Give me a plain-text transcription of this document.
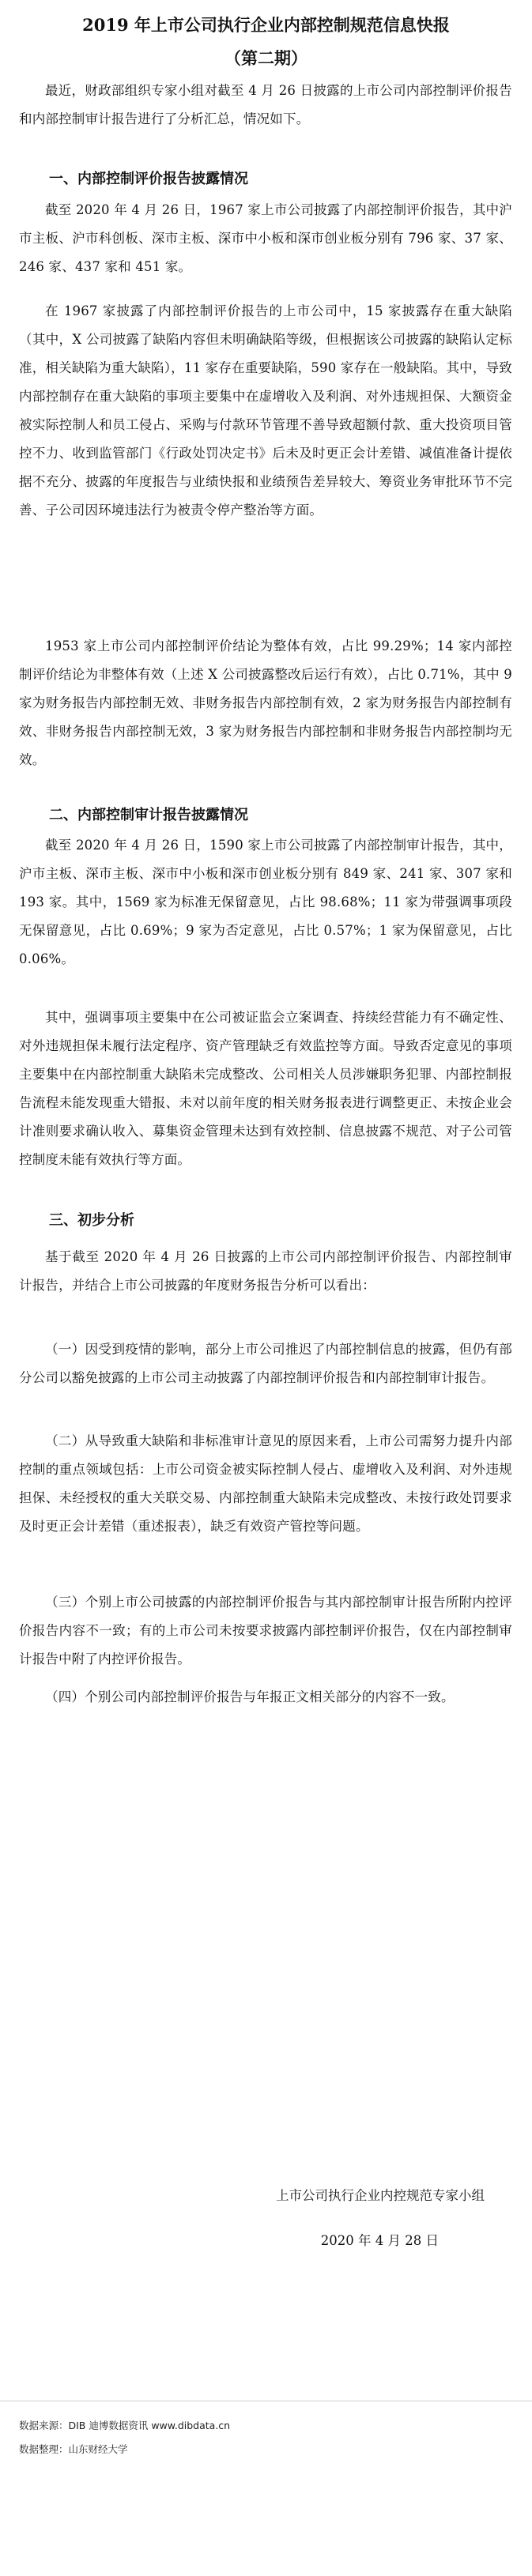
2019 年上市公司执行企业内部控制规范信息快报
（第二期）

最近，财政部组织专家小组对截至 4 月 26 日披露的上市公司内部控制评价报告和内部控制审计报告进行了分析汇总，情况如下。

一、内部控制评价报告披露情况

截至 2020 年 4 月 26 日，1967 家上市公司披露了内部控制评价报告，其中沪市主板、沪市科创板、深市主板、深市中小板和深市创业板分别有 796 家、37 家、246 家、437 家和 451 家。

在 1967 家披露了内部控制评价报告的上市公司中，15 家披露存在重大缺陷（其中，X 公司披露了缺陷内容但未明确缺陷等级，但根据该公司披露的缺陷认定标准，相关缺陷为重大缺陷），11 家存在重要缺陷，590 家存在一般缺陷。其中，导致内部控制存在重大缺陷的事项主要集中在虚增收入及利润、对外违规担保、大额资金被实际控制人和员工侵占、采购与付款环节管理不善导致超额付款、重大投资项目管控不力、收到监管部门《行政处罚决定书》后未及时更正会计差错、减值准备计提依据不充分、披露的年度报告与业绩快报和业绩预告差异较大、筹资业务审批环节不完善、子公司因环境违法行为被责令停产整治等方面。

1953 家上市公司内部控制评价结论为整体有效，占比 99.29%；14 家内部控制评价结论为非整体有效（上述 X 公司披露整改后运行有效），占比 0.71%，其中 9 家为财务报告内部控制无效、非财务报告内部控制有效，2 家为财务报告内部控制有效、非财务报告内部控制无效，3 家为财务报告内部控制和非财务报告内部控制均无效。

二、内部控制审计报告披露情况

截至 2020 年 4 月 26 日，1590 家上市公司披露了内部控制审计报告，其中，沪市主板、深市主板、深市中小板和深市创业板分别有 849 家、241 家、307 家和 193 家。其中，1569 家为标准无保留意见，占比 98.68%；11 家为带强调事项段无保留意见，占比 0.69%；9 家为否定意见，占比 0.57%；1 家为保留意见，占比 0.06%。

其中，强调事项主要集中在公司被证监会立案调查、持续经营能力有不确定性、对外违规担保未履行法定程序、资产管理缺乏有效监控等方面。导致否定意见的事项主要集中在内部控制重大缺陷未完成整改、公司相关人员涉嫌职务犯罪、内部控制报告流程未能发现重大错报、未对以前年度的相关财务报表进行调整更正、未按企业会计准则要求确认收入、募集资金管理未达到有效控制、信息披露不规范、对子公司管控制度未能有效执行等方面。

三、初步分析

基于截至 2020 年 4 月 26 日披露的上市公司内部控制评价报告、内部控制审计报告，并结合上市公司披露的年度财务报告分析可以看出：

（一）因受到疫情的影响，部分上市公司推迟了内部控制信息的披露，但仍有部分公司以豁免披露的上市公司主动披露了内部控制评价报告和内部控制审计报告。

（二）从导致重大缺陷和非标准审计意见的原因来看，上市公司需努力提升内部控制的重点领域包括：上市公司资金被实际控制人侵占、虚增收入及利润、对外违规担保、未经授权的重大关联交易、内部控制重大缺陷未完成整改、未按行政处罚要求及时更正会计差错（重述报表），缺乏有效资产管控等问题。

（三）个别上市公司披露的内部控制评价报告与其内部控制审计报告所附内控评价报告内容不一致；有的上市公司未按要求披露内部控制评价报告，仅在内部控制审计报告中附了内控评价报告。

（四）个别公司内部控制评价报告与年报正文相关部分的内容不一致。

上市公司执行企业内控规范专家小组
2020 年 4 月 28 日
数据来源：DIB 迪博数据资讯 www.dibdata.cn
数据整理：山东财经大学
